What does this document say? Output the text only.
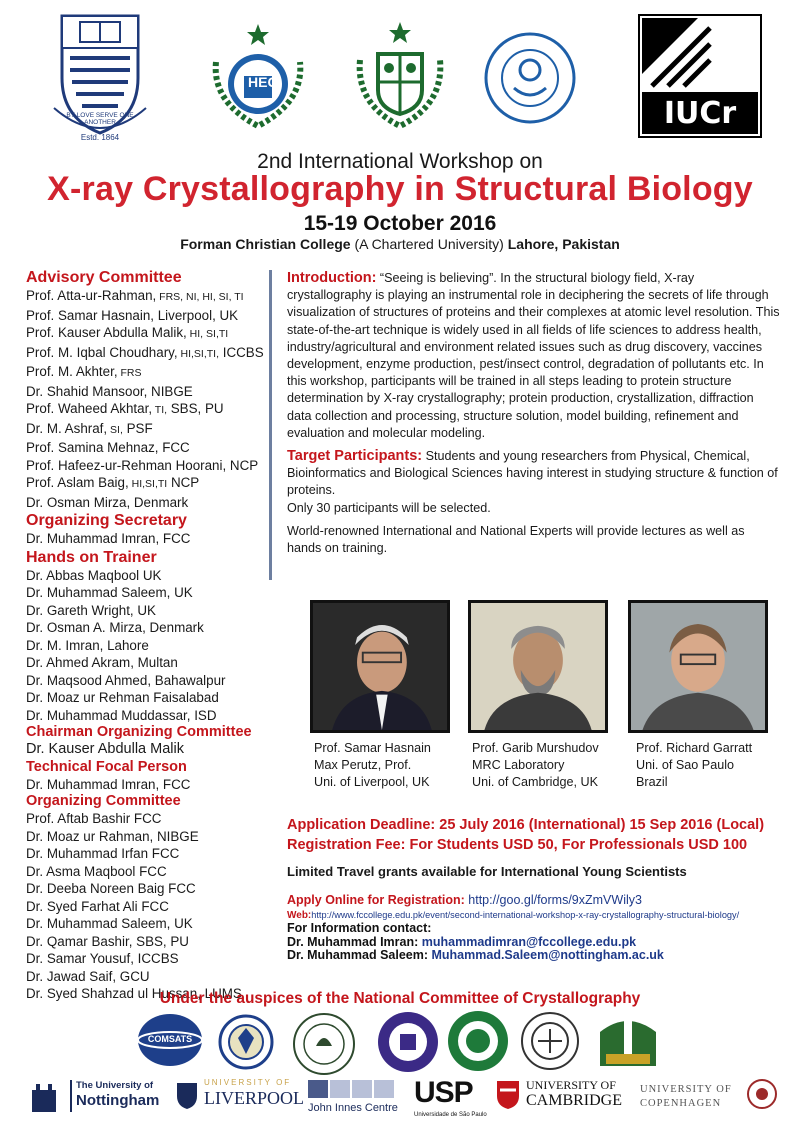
BY LOVE SERVE ONE ANOTHER
Estd. 1864
HEC
IUCr
2nd International Workshop on
X-ray Crystallography in Structural Biology
15-19 October 2016
Forman Christian College (A Chartered University) Lahore, Pakistan
Advisory Committee
Prof. Atta-ur-Rahman, FRS, NI, HI, SI, TI
Prof. Samar Hasnain, Liverpool, UK
Prof. Kauser Abdulla Malik, HI, SI,TI
Prof. M. Iqbal Choudhary, HI,SI,TI, ICCBS
Prof. M. Akhter, FRS
Dr. Shahid Mansoor, NIBGE
Prof. Waheed Akhtar, TI, SBS, PU
Dr. M. Ashraf, SI, PSF
Prof. Samina Mehnaz, FCC
Prof. Hafeez-ur-Rehman Hoorani, NCP
Prof. Aslam Baig, HI,SI,TI NCP
Dr. Osman Mirza, Denmark
Organizing Secretary
Dr. Muhammad Imran, FCC
Hands on Trainer
Dr. Abbas Maqbool UK
Dr. Muhammad Saleem, UK
Dr. Gareth Wright, UK
Dr. Osman A. Mirza, Denmark
Dr. M. Imran, Lahore
Dr. Ahmed Akram, Multan
Dr. Maqsood Ahmed, Bahawalpur
Dr. Moaz ur Rehman Faisalabad
Dr. Muhammad Muddassar, ISD
Chairman Organizing Committee
Dr. Kauser Abdulla Malik
Technical Focal Person
Dr. Muhammad Imran, FCC
Organizing Committee
Prof. Aftab Bashir FCC
Dr. Moaz ur Rahman, NIBGE
Dr. Muhammad Irfan FCC
Dr. Asma Maqbool FCC
Dr. Deeba Noreen Baig FCC
Dr. Syed Farhat Ali FCC
Dr. Muhammad Saleem, UK
Dr. Qamar Bashir, SBS, PU
Dr. Samar Yousuf, ICCBS
Dr. Jawad Saif, GCU
Dr. Syed Shahzad ul Hussan, LUMS

Introduction: “Seeing is believing”. In the structural biology field, X-ray crystallography is playing an instrumental role in deciphering the secrets of life through visualization of structures of proteins and their complexes at atomic level resolution. This state-of-the-art technique is widely used in all fields of life sciences to address health, industry/agricultural and environment related issues such as drug discovery, vaccines development, enzyme production, pest/insect control, degradation of pollutants etc. In this workshop, participants will be trained in all steps leading to protein structure determination by X-ray crystallography; protein production, crystallization, diffraction data collection and processing, structure solution, model building, refinement and evaluation and molecular modeling.

Target Participants: Students and young researchers from Physical, Chemical, Bioinformatics and Biological Sciences having interest in studying structure & function of proteins.

Only 30 participants will be selected.

World-renowned International and National Experts will provide lectures as well as hands on training.

Prof. Samar Hasnain
Max Perutz, Prof.
Uni. of Liverpool, UK
Prof. Garib Murshudov
MRC Laboratory
Uni. of Cambridge, UK
Prof. Richard Garratt
Uni. of Sao Paulo
Brazil
Application Deadline: 25 July 2016 (International) 15 Sep 2016 (Local)
Registration Fee: For Students USD 50, For Professionals USD 100
Limited Travel grants available for International Young Scientists
Apply Online for Registration: http://goo.gl/forms/9xZmVWily3
Web:http://www.fccollege.edu.pk/event/second-international-workshop-x-ray-crystallography-structural-biology/
For Information contact:
Dr. Muhammad Imran: muhammadimran@fccollege.edu.pk
Dr. Muhammad Saleem: Muhammad.Saleem@nottingham.ac.uk
Under the auspices of the National Committee of Crystallography
COMSATS
The University of
Nottingham
UNIVERSITY OF
LIVERPOOL John Innes Centre USP
Universidade de São Paulo
UNIVERSITY OF
CAMBRIDGE
UNIVERSITY OF
COPENHAGEN
